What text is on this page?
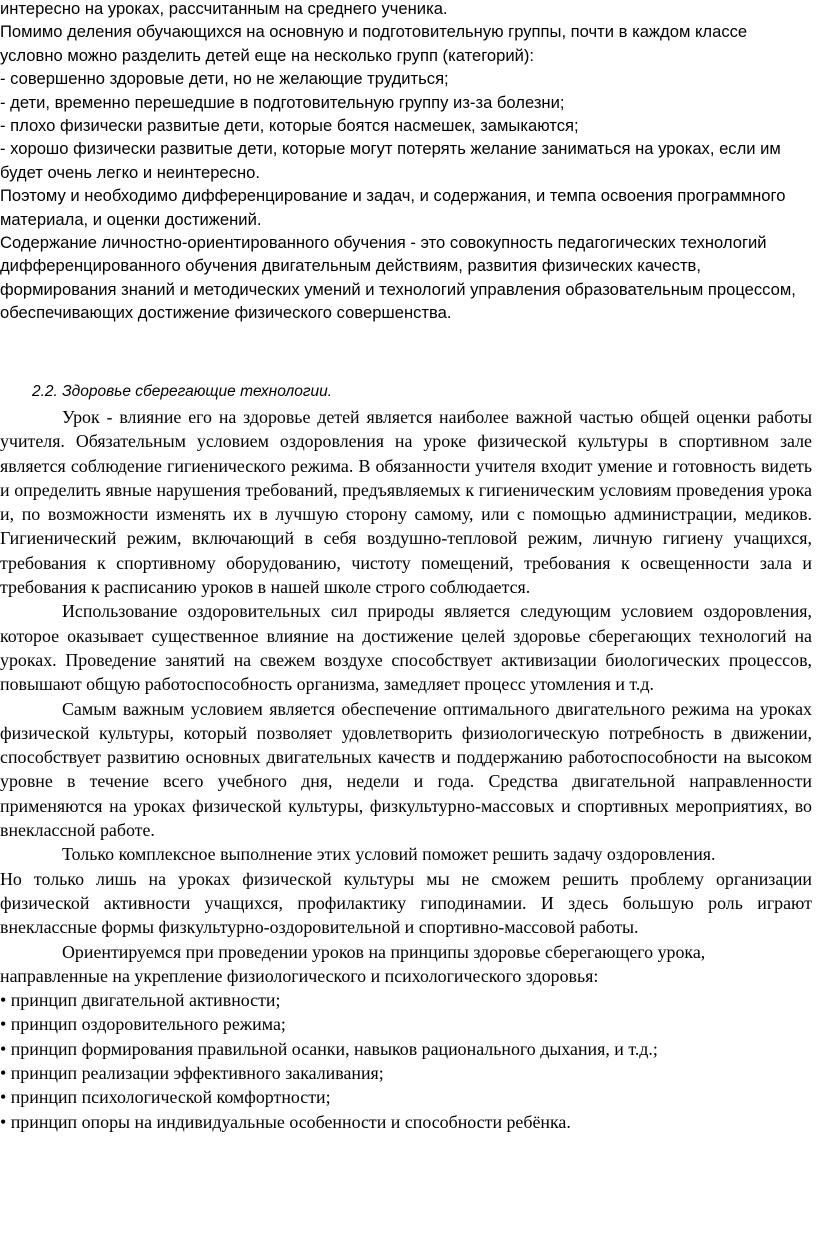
интересно на уроках, рассчитанным на среднего ученика.

Помимо деления обучающихся на основную и подготовительную группы, почти в каждом классе условно можно разделить детей еще на несколько групп (категорий):

- совершенно здоровые дети, но не желающие трудиться;

- дети, временно перешедшие в подготовительную группу из-за болезни;

- плохо физически развитые дети, которые боятся насмешек, замыкаются;

- хорошо физически развитые дети, которые могут потерять желание заниматься на уроках, если им будет очень легко и неинтересно.

Поэтому и необходимо дифференцирование и задач, и содержания, и темпа освоения программного материала, и оценки достижений.

Содержание личностно-ориентированного обучения - это совокупность педагогических технологий дифференцированного обучения двигательным действиям, развития физических качеств, формирования знаний и методических умений и технологий управления образовательным процессом, обеспечивающих достижение физического совершенства.

2.2. Здоровье сберегающие технологии.

Урок - влияние его на здоровье детей является наиболее важной частью общей оценки работы учителя. Обязательным условием оздоровления на уроке физической культуры в спортивном зале является соблюдение гигиенического режима. В обязанности учителя входит умение и готовность видеть и определить явные нарушения требований, предъявляемых к гигиеническим условиям проведения урока и, по возможности изменять их в лучшую сторону самому, или с помощью администрации, медиков. Гигиенический режим, включающий в себя воздушно-тепловой режим, личную гигиену учащихся, требования к спортивному оборудованию, чистоту помещений, требования к освещенности зала и требования к расписанию уроков в нашей школе строго соблюдается.

Использование оздоровительных сил природы является следующим условием оздоровления, которое оказывает существенное влияние на достижение целей здоровье сберегающих технологий на уроках. Проведение занятий на свежем воздухе способствует активизации биологических процессов, повышают общую работоспособность организма, замедляет процесс утомления и т.д.

Самым важным условием является обеспечение оптимального двигательного режима на уроках физической культуры, который позволяет удовлетворить физиологическую потребность в движении, способствует развитию основных двигательных качеств и поддержанию работоспособности на высоком уровне в течение всего учебного дня, недели и года. Средства двигательной направленности применяются на уроках физической культуры, физкультурно-массовых и спортивных мероприятиях, во внеклассной работе.

Только комплексное выполнение этих условий поможет решить задачу оздоровления.

Но только лишь на уроках физической культуры мы не сможем решить проблему организации физической активности учащихся, профилактику гиподинамии. И здесь большую роль играют внеклассные формы физкультурно-оздоровительной и спортивно-массовой работы.

Ориентируемся при проведении уроков на принципы здоровье сберегающего урока, направленные на укрепление физиологического и психологического здоровья:

• принцип двигательной активности;

• принцип оздоровительного режима;

• принцип формирования правильной осанки, навыков рационального дыхания, и т.д.;

• принцип реализации эффективного закаливания;

• принцип психологической комфортности;

• принцип опоры на индивидуальные особенности и способности ребёнка.
